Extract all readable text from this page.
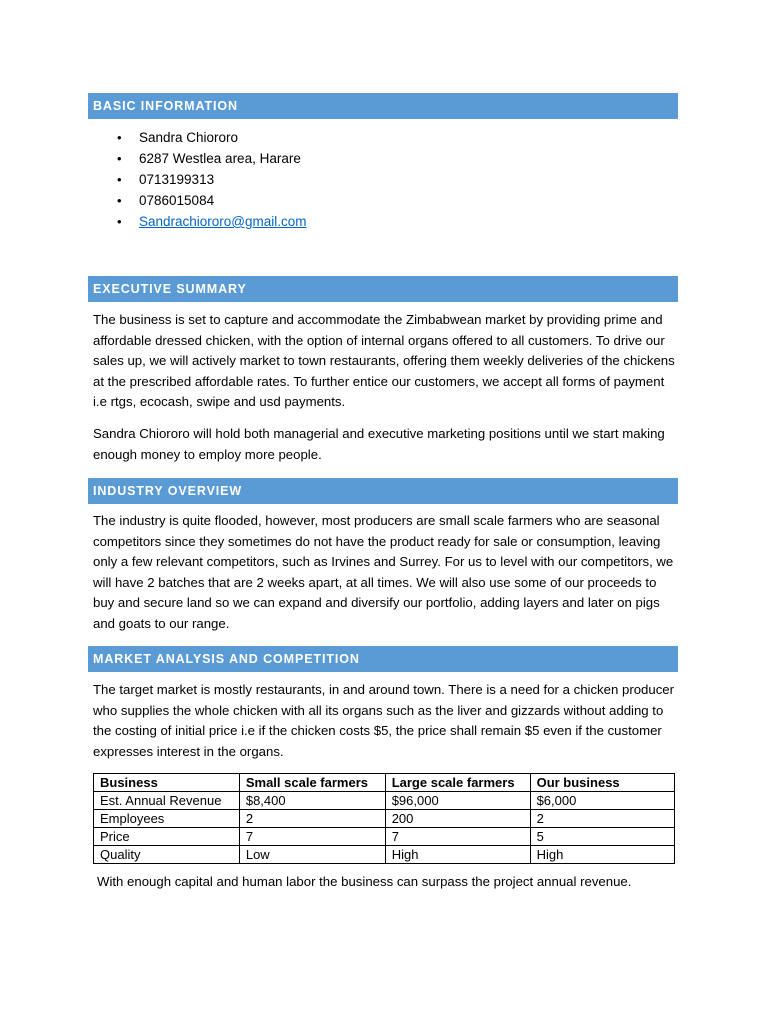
BASIC INFORMATION
• Sandra Chiororo
• 6287 Westlea area, Harare
• 0713199313
• 0786015084
• Sandrachiororo@gmail.com
EXECUTIVE SUMMARY

The business is set to capture and accommodate the Zimbabwean market by providing prime and affordable dressed chicken, with the option of internal organs offered to all customers. To drive our sales up, we will actively market to town restaurants, offering them weekly deliveries of the chickens at the prescribed affordable rates. To further entice our customers, we accept all forms of payment i.e rtgs, ecocash, swipe and usd payments.

Sandra Chiororo will hold both managerial and executive marketing positions until we start making enough money to employ more people.

INDUSTRY OVERVIEW

The industry is quite flooded, however, most producers are small scale farmers who are seasonal competitors since they sometimes do not have the product ready for sale or consumption, leaving only a few relevant competitors, such as Irvines and Surrey. For us to level with our competitors, we will have 2 batches that are 2 weeks apart, at all times. We will also use some of our proceeds to buy and secure land so we can expand and diversify our portfolio, adding layers and later on pigs and goats to our range.

MARKET ANALYSIS AND COMPETITION

The target market is mostly restaurants, in and around town. There is a need for a chicken producer who supplies the whole chicken with all its organs such as the liver and gizzards without adding to the costing of initial price i.e if the chicken costs $5, the price shall remain $5 even if the customer expresses interest in the organs.

Business	Small scale farmers	Large scale farmers	Our business
Est. Annual Revenue	$8,400	$96,000	$6,000
Employees	2	200	2
Price	7	7	5
Quality	Low	High	High

With enough capital and human labor the business can surpass the project annual revenue.
